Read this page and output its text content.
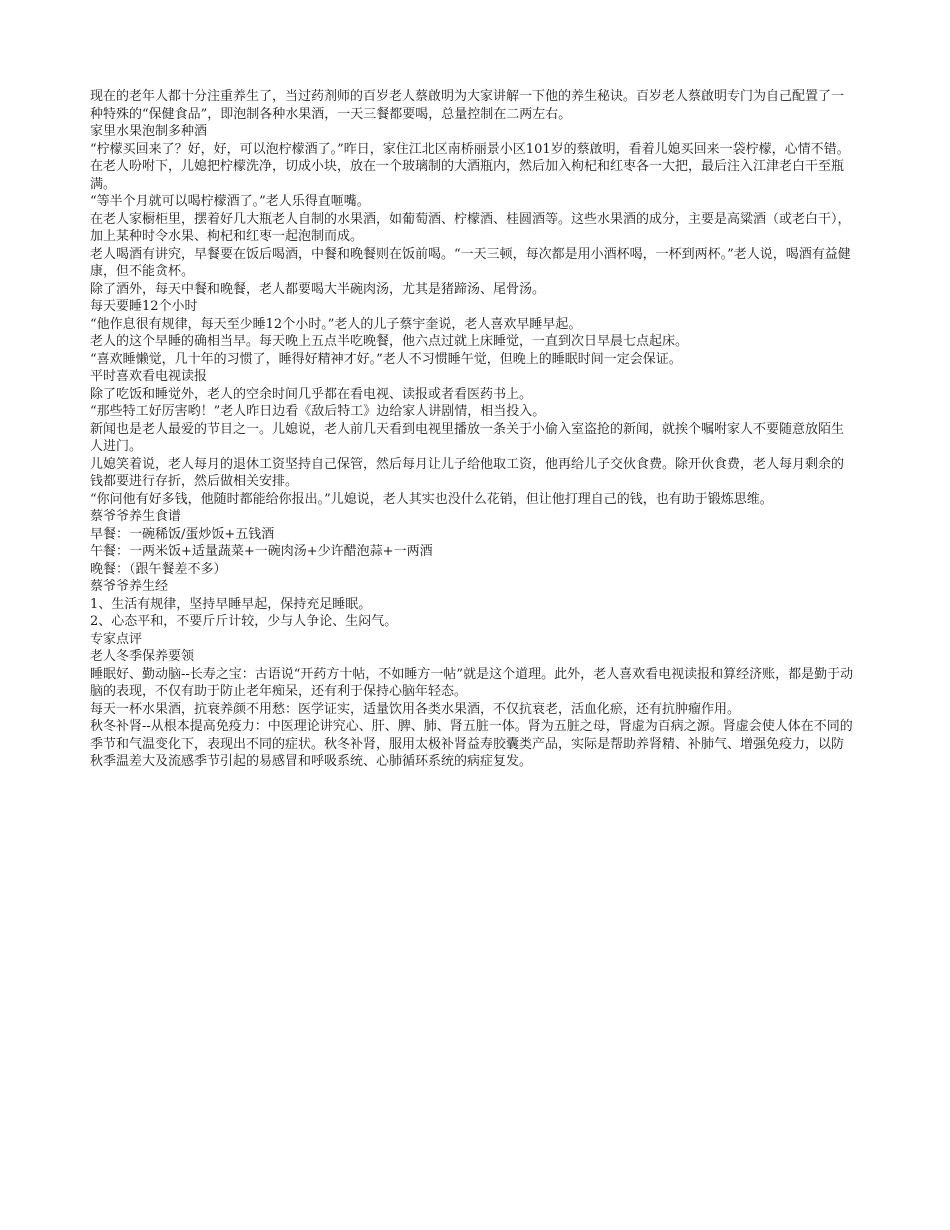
现在的老年人都十分注重养生了，当过药剂师的百岁老人蔡啟明为大家讲解一下他的养生秘诀。百岁老人蔡啟明专门为自己配置了一种特殊的“保健食品”，即泡制各种水果酒，一天三餐都要喝，总量控制在二两左右。

家里水果泡制多种酒

“柠檬买回来了？好，好，可以泡柠檬酒了。”昨日，家住江北区南桥丽景小区101岁的蔡啟明，看着儿媳买回来一袋柠檬，心情不错。

在老人吩咐下，儿媳把柠檬洗净，切成小块，放在一个玻璃制的大酒瓶内，然后加入枸杞和红枣各一大把，最后注入江津老白干至瓶满。

“等半个月就可以喝柠檬酒了。”老人乐得直咂嘴。

在老人家橱柜里，摆着好几大瓶老人自制的水果酒，如葡萄酒、柠檬酒、桂圆酒等。这些水果酒的成分，主要是高粱酒（或老白干），加上某种时令水果、枸杞和红枣一起泡制而成。

老人喝酒有讲究，早餐要在饭后喝酒，中餐和晚餐则在饭前喝。“一天三顿，每次都是用小酒杯喝，一杯到两杯。”老人说，喝酒有益健康，但不能贪杯。

除了酒外，每天中餐和晚餐，老人都要喝大半碗肉汤，尤其是猪蹄汤、尾骨汤。

每天要睡12个小时

“他作息很有规律，每天至少睡12个小时。”老人的儿子蔡宇奎说，老人喜欢早睡早起。

老人的这个早睡的确相当早。每天晚上五点半吃晚餐，他六点过就上床睡觉，一直到次日早晨七点起床。

“喜欢睡懒觉，几十年的习惯了，睡得好精神才好。”老人不习惯睡午觉，但晚上的睡眠时间一定会保证。

平时喜欢看电视读报

除了吃饭和睡觉外，老人的空余时间几乎都在看电视、读报或者看医药书上。

“那些特工好厉害哟！”老人昨日边看《敌后特工》边给家人讲剧情，相当投入。

新闻也是老人最爱的节目之一。儿媳说，老人前几天看到电视里播放一条关于小偷入室盗抢的新闻，就挨个嘱咐家人不要随意放陌生人进门。

儿媳笑着说，老人每月的退休工资坚持自己保管，然后每月让儿子给他取工资，他再给儿子交伙食费。除开伙食费，老人每月剩余的钱都要进行存折，然后做相关安排。

“你问他有好多钱，他随时都能给你报出。”儿媳说，老人其实也没什么花销，但让他打理自己的钱，也有助于锻炼思维。

蔡爷爷养生食谱

早餐：一碗稀饭/蛋炒饭+五钱酒

午餐：一两米饭+适量蔬菜+一碗肉汤+少许醋泡蒜+一两酒

晚餐：（跟午餐差不多）

蔡爷爷养生经

1、生活有规律，坚持早睡早起，保持充足睡眠。

2、心态平和，不要斤斤计较，少与人争论、生闷气。

专家点评

老人冬季保养要领

睡眠好、勤动脑--长寿之宝：古语说“开药方十帖，不如睡方一帖”就是这个道理。此外，老人喜欢看电视读报和算经济账，都是勤于动脑的表现，不仅有助于防止老年痴呆，还有利于保持心脑年轻态。

每天一杯水果酒，抗衰养颜不用愁：医学证实，适量饮用各类水果酒，不仅抗衰老，活血化瘀，还有抗肿瘤作用。

秋冬补肾--从根本提高免疫力：中医理论讲究心、肝、脾、肺、肾五脏一体。肾为五脏之母，肾虚为百病之源。肾虚会使人体在不同的季节和气温变化下，表现出不同的症状。秋冬补肾，服用太极补肾益寿胶囊类产品，实际是帮助养肾精、补肺气、增强免疫力，以防秋季温差大及流感季节引起的易感冒和呼吸系统、心肺循环系统的病症复发。
